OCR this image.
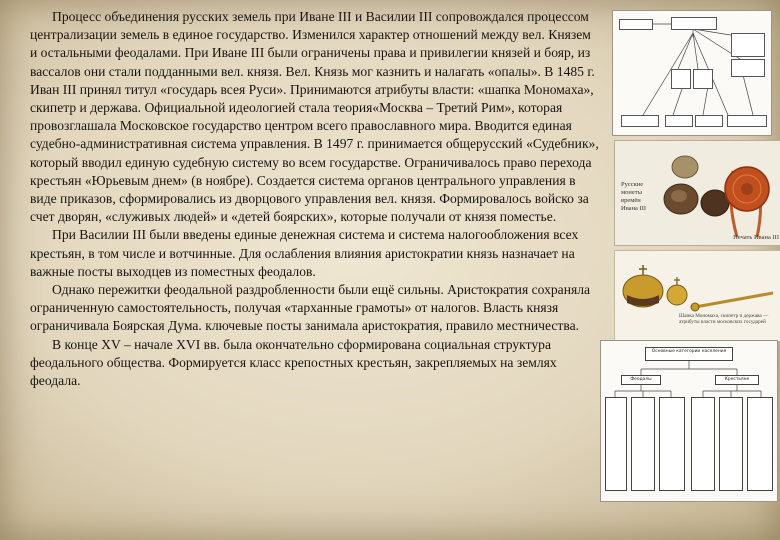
Процесс объединения русских земель при Иване III и Василии III сопровождался процессом централизации земель в единое государство. Изменился характер отношений между вел. Князем и остальными феодалами. При Иване III были ограничены права и привилегии князей и бояр, из вассалов они стали подданными вел. князя. Вел. Князь мог казнить и налагать «опалы». В 1485 г. Иван III принял титул «государь всея Руси». Принимаются атрибуты власти: «шапка Мономаха», скипетр и держава. Официальной идеологией стала теория«Москва – Третий Рим», которая провозглашала Московское государство центром всего православного мира. Вводится единая судебно-административная система управления. В 1497 г. принимается общерусский «Судебник», который вводил единую судебную систему во всем государстве. Ограничивалось право перехода крестьян «Юрьевым днем» (в ноябре). Создается система органов центрального управления в виде приказов, сформировались из дворцового управления вел. князя. Формировалось войско за счет дворян, «служивых людей» и «детей боярских», которые получали от князя поместье.

При Василии III были введены единые денежная система и система налогообложения всех крестьян, в том числе и вотчинные. Для ослабления влияния аристократии князь назначает на важные посты выходцев из поместных феодалов.

Однако пережитки феодальной раздробленности были ещё сильны. Аристократия сохраняла ограниченную самостоятельность, получая «тарханные грамоты» от налогов. Власть князя ограничивала Боярская Дума. ключевые посты занимала аристократия, правило местничества.

В конце XV – начале XVI вв. была окончательно сформирована социальная структура феодального общества. Формируется класс крепостных крестьян, закрепляемых на землях феодала.

Русские монеты времён Ивана III
Печать Ивана III
Шапка Мономаха, скипетр и держава — атрибуты власти московских государей
Основные категории населения
Феодалы	Крестьяне
